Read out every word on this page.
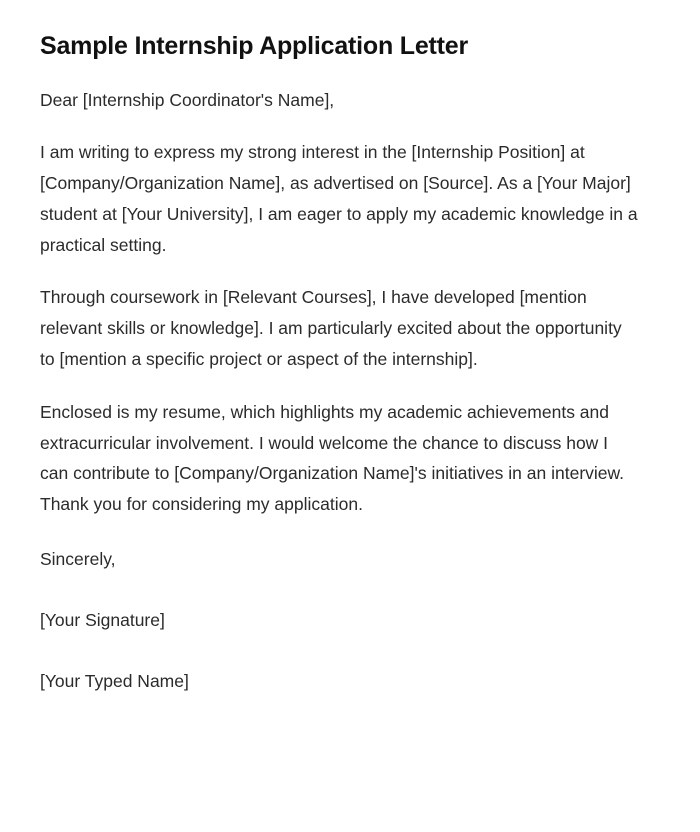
Sample Internship Application Letter

Dear [Internship Coordinator's Name],

I am writing to express my strong interest in the [Internship Position] at [Company/Organization Name], as advertised on [Source]. As a [Your Major] student at [Your University], I am eager to apply my academic knowledge in a practical setting.

Through coursework in [Relevant Courses], I have developed [mention relevant skills or knowledge]. I am particularly excited about the opportunity to [mention a specific project or aspect of the internship].

Enclosed is my resume, which highlights my academic achievements and extracurricular involvement. I would welcome the chance to discuss how I can contribute to [Company/Organization Name]'s initiatives in an interview. Thank you for considering my application.

Sincerely,

[Your Signature]

[Your Typed Name]
